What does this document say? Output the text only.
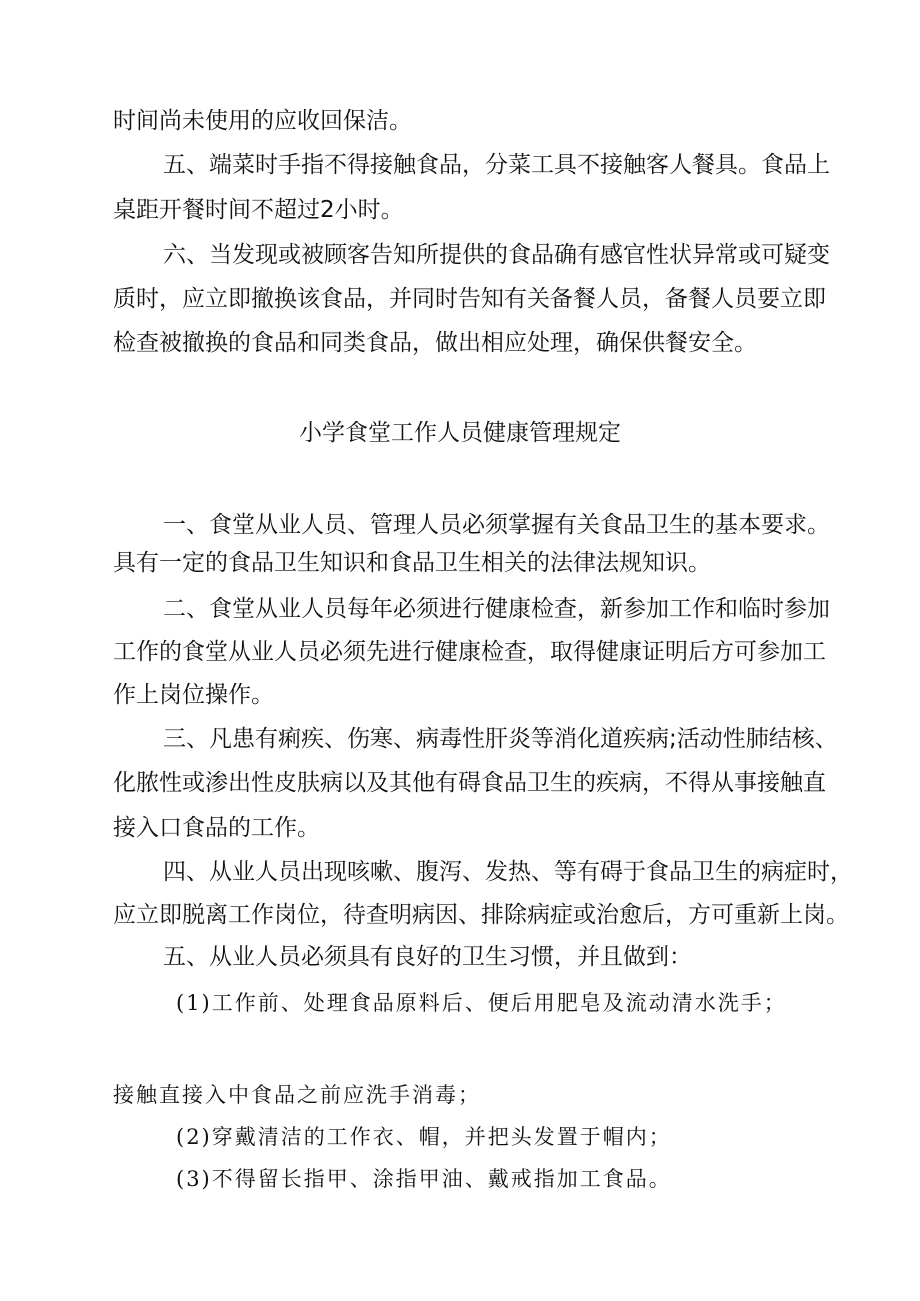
时间尚未使用的应收回保洁。

五、端菜时手指不得接触食品，分菜工具不接触客人餐具。食品上

桌距开餐时间不超过2小时。

六、当发现或被顾客告知所提供的食品确有感官性状异常或可疑变

质时，应立即撤换该食品，并同时告知有关备餐人员，备餐人员要立即

检查被撤换的食品和同类食品，做出相应处理，确保供餐安全。

小学食堂工作人员健康管理规定

一、食堂从业人员、管理人员必须掌握有关食品卫生的基本要求。

具有一定的食品卫生知识和食品卫生相关的法律法规知识。

二、食堂从业人员每年必须进行健康检查，新参加工作和临时参加

工作的食堂从业人员必须先进行健康检查，取得健康证明后方可参加工

作上岗位操作。

三、凡患有痢疾、伤寒、病毒性肝炎等消化道疾病;活动性肺结核、

化脓性或渗出性皮肤病以及其他有碍食品卫生的疾病，不得从事接触直

接入口食品的工作。

四、从业人员出现咳嗽、腹泻、发热、等有碍于食品卫生的病症时，

应立即脱离工作岗位，待查明病因、排除病症或治愈后，方可重新上岗。

五、从业人员必须具有良好的卫生习惯，并且做到：

(1)工作前、处理食品原料后、便后用肥皂及流动清水洗手；

接触直接入中食品之前应洗手消毒；

(2)穿戴清洁的工作衣、帽，并把头发置于帽内；

(3)不得留长指甲、涂指甲油、戴戒指加工食品。
